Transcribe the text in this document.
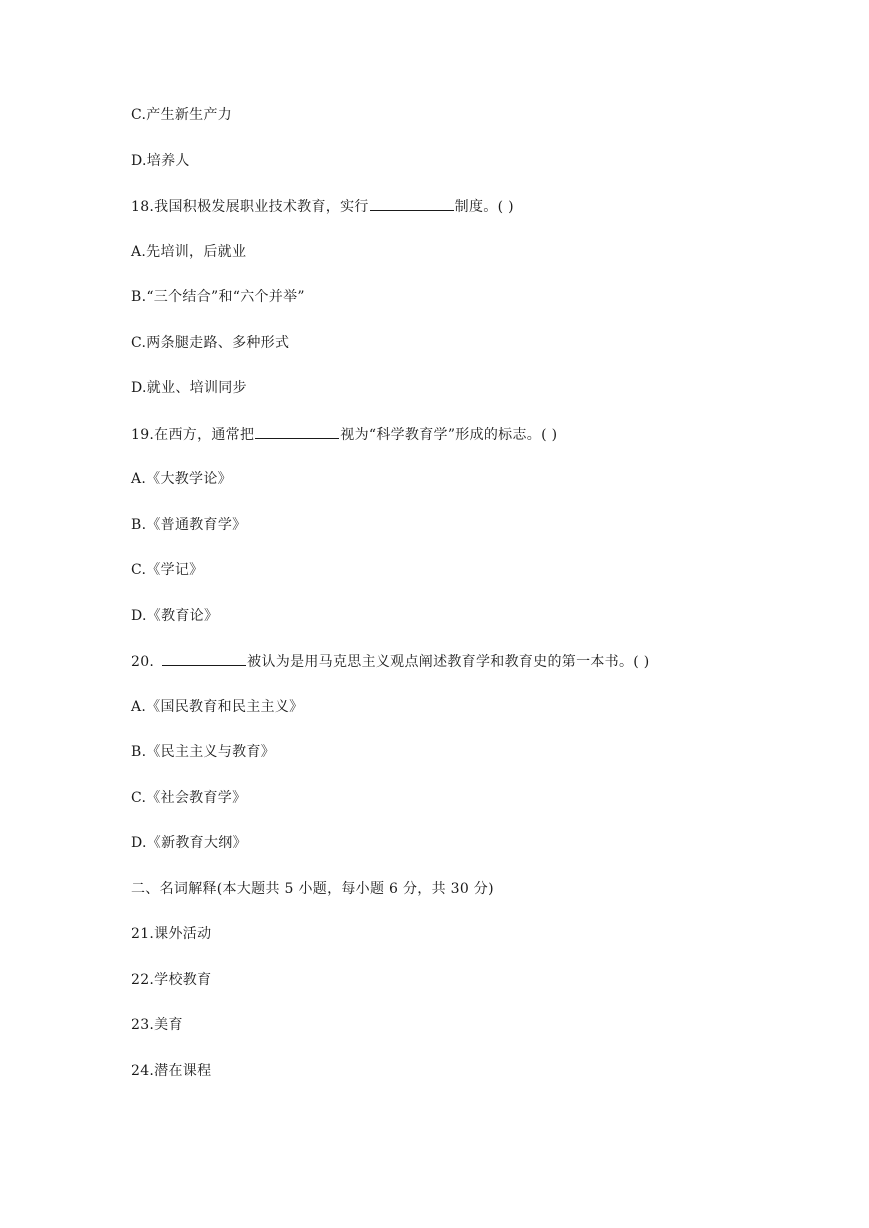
C.产生新生产力
D.培养人
18.我国积极发展职业技术教育，实行	制度。( )
A.先培训，后就业
B.“三个结合”和“六个并举”
C.两条腿走路、多种形式
D.就业、培训同步
19.在西方，通常把	视为“科学教育学”形成的标志。( )
A.《大教学论》
B.《普通教育学》
C.《学记》
D.《教育论》
20.	被认为是用马克思主义观点阐述教育学和教育史的第一本书。( )
A.《国民教育和民主主义》
B.《民主主义与教育》
C.《社会教育学》
D.《新教育大纲》
二、名词解释(本大题共 5 小题，每小题 6 分，共 30 分)
21.课外活动
22.学校教育
23.美育
24.潜在课程
